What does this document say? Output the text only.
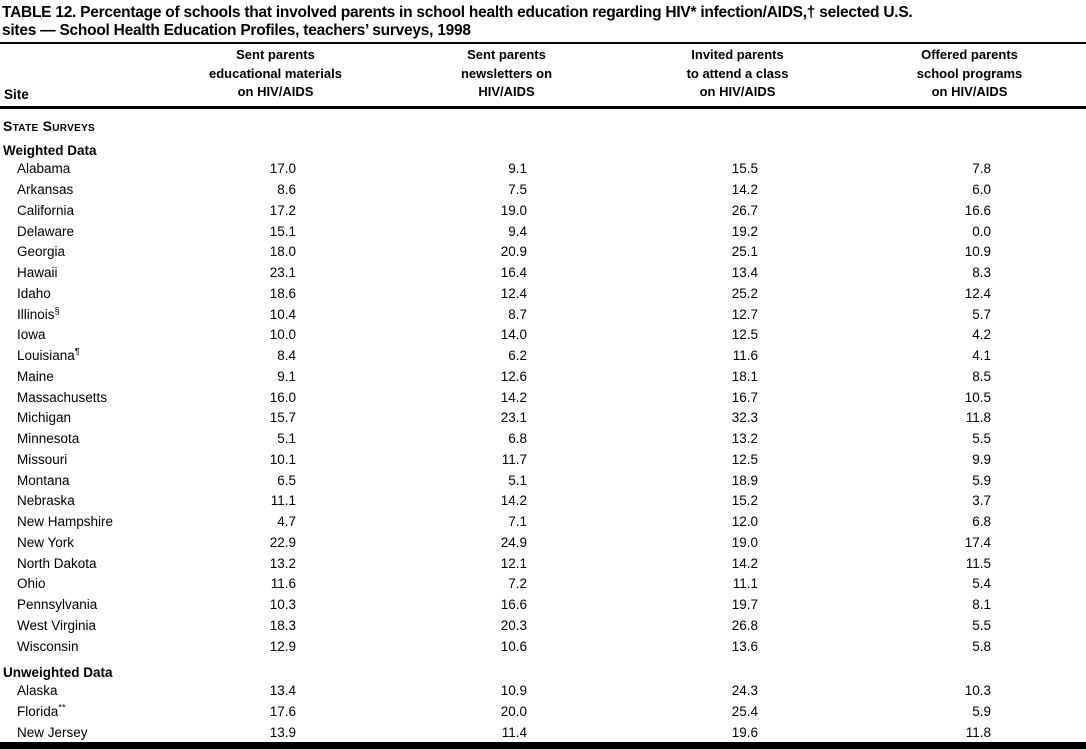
TABLE 12. Percentage of schools that involved parents in school health education regarding HIV* infection/AIDS,† selected U.S.
sites — School Health Education Profiles, teachers’ surveys, 1998
Site
Sent parents
educational materials
on HIV/AIDS
Sent parents
newsletters on
HIV/AIDS
Invited parents
to attend a class
on HIV/AIDS
Offered parents
school programs
on HIV/AIDS
State Surveys
Weighted Data
Alabama	17.0	9.1	15.5	7.8
Arkansas	8.6	7.5	14.2	6.0
California	17.2	19.0	26.7	16.6
Delaware	15.1	9.4	19.2	0.0
Georgia	18.0	20.9	25.1	10.9
Hawaii	23.1	16.4	13.4	8.3
Idaho	18.6	12.4	25.2	12.4
Illinois§	10.4	8.7	12.7	5.7
Iowa	10.0	14.0	12.5	4.2
Louisiana¶	8.4	6.2	11.6	4.1
Maine	9.1	12.6	18.1	8.5
Massachusetts	16.0	14.2	16.7	10.5
Michigan	15.7	23.1	32.3	11.8
Minnesota	5.1	6.8	13.2	5.5
Missouri	10.1	11.7	12.5	9.9
Montana	6.5	5.1	18.9	5.9
Nebraska	11.1	14.2	15.2	3.7
New Hampshire	4.7	7.1	12.0	6.8
New York	22.9	24.9	19.0	17.4
North Dakota	13.2	12.1	14.2	11.5
Ohio	11.6	7.2	11.1	5.4
Pennsylvania	10.3	16.6	19.7	8.1
West Virginia	18.3	20.3	26.8	5.5
Wisconsin	12.9	10.6	13.6	5.8
Unweighted Data
Alaska	13.4	10.9	24.3	10.3
Florida**	17.6	20.0	25.4	5.9
New Jersey	13.9	11.4	19.6	11.8
